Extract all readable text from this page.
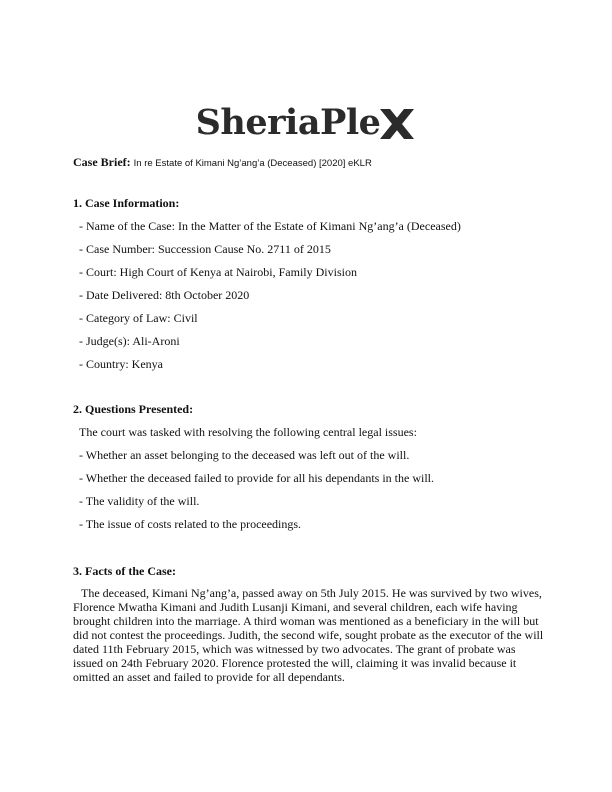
SheriaPle
Case Brief: In re Estate of Kimani Ng’ang’a (Deceased) [2020] eKLR
1. Case Information:
- Name of the Case: In the Matter of the Estate of Kimani Ng’ang’a (Deceased)
- Case Number: Succession Cause No. 2711 of 2015
- Court: High Court of Kenya at Nairobi, Family Division
- Date Delivered: 8th October 2020
- Category of Law: Civil
- Judge(s): Ali-Aroni
- Country: Kenya
2. Questions Presented:
The court was tasked with resolving the following central legal issues:
- Whether an asset belonging to the deceased was left out of the will.
- Whether the deceased failed to provide for all his dependants in the will.
- The validity of the will.
- The issue of costs related to the proceedings.
3. Facts of the Case:
The deceased, Kimani Ng’ang’a, passed away on 5th July 2015. He was survived by two wives, Florence Mwatha Kimani and Judith Lusanji Kimani, and several children, each wife having brought children into the marriage. A third woman was mentioned as a beneficiary in the will but did not contest the proceedings. Judith, the second wife, sought probate as the executor of the will dated 11th February 2015, which was witnessed by two advocates. The grant of probate was issued on 24th February 2020. Florence protested the will, claiming it was invalid because it omitted an asset and failed to provide for all dependants.
